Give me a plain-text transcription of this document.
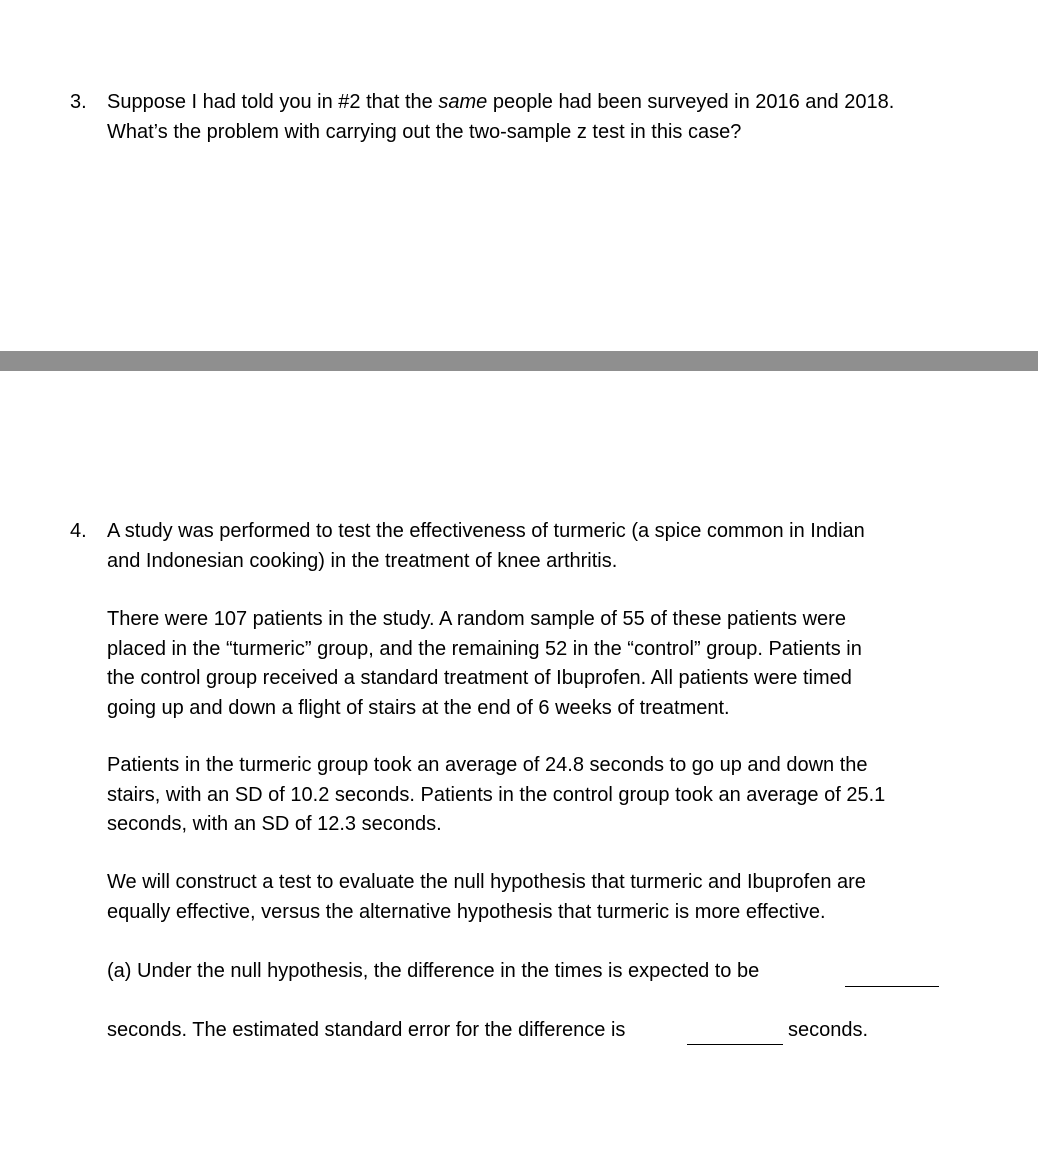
3. Suppose I had told you in #2 that the same people had been surveyed in 2016 and 2018.
What’s the problem with carrying out the two-sample z test in this case?
4. A study was performed to test the effectiveness of turmeric (a spice common in Indian
and Indonesian cooking) in the treatment of knee arthritis.
There were 107 patients in the study. A random sample of 55 of these patients were
placed in the “turmeric” group, and the remaining 52 in the “control” group. Patients in
the control group received a standard treatment of Ibuprofen. All patients were timed
going up and down a flight of stairs at the end of 6 weeks of treatment.
Patients in the turmeric group took an average of 24.8 seconds to go up and down the
stairs, with an SD of 10.2 seconds. Patients in the control group took an average of 25.1
seconds, with an SD of 12.3 seconds.
We will construct a test to evaluate the null hypothesis that turmeric and Ibuprofen are
equally effective, versus the alternative hypothesis that turmeric is more effective.
(a) Under the null hypothesis, the difference in the times is expected to be
seconds. The estimated standard error for the difference is	seconds.
